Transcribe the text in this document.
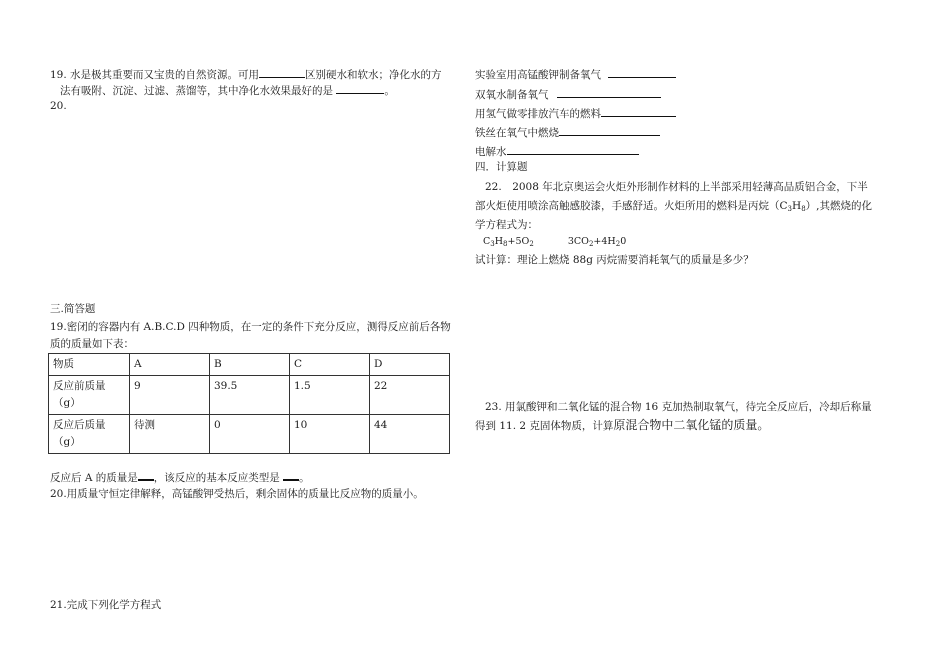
19. 水是极其重要而又宝贵的自然资源。可用	区别硬水和软水；净化水的方
法有吸附、沉淀、过滤、蒸馏等，其中净化水效果最好的是	。
20.
三.简答题
19.密闭的容器内有 A.B.C.D 四种物质，在一定的条件下充分反应，测得反应前后各物
质的质量如下表：
物质	A	B	C	D
反应前质量（g）	9	39.5	1.5	22
反应后质量（g）	待测	0	10	44
反应后 A 的质量是 ，该反应的基本反应类型是 。
20.用质量守恒定律解释，高锰酸钾受热后，剩余固体的质量比反应物的质量小。
21.完成下列化学方程式
实验室用高锰酸钾制备氧气
双氧水制备氧气
用氢气做零排放汽车的燃料
铁丝在氧气中燃烧
电解水
四．计算题
22.　2008 年北京奥运会火炬外形制作材料的上半部采用轻薄高品质铝合金，下半
部火炬使用喷涂高触感胶漆，手感舒适。火炬所用的燃料是丙烷$(C_3H_8)$,其燃烧的化
学方程式为：
$C_3H_8+5O_2$	$3CO_2+4H_20$
试计算：理论上燃烧 88g 丙烷需要消耗氧气的质量是多少？
23. 用氯酸钾和二氧化锰的混合物 16 克加热制取氧气，待完全反应后，冷却后称量
得到 11. 2 克固体物质，计算原混合物中二氧化锰的质量。
